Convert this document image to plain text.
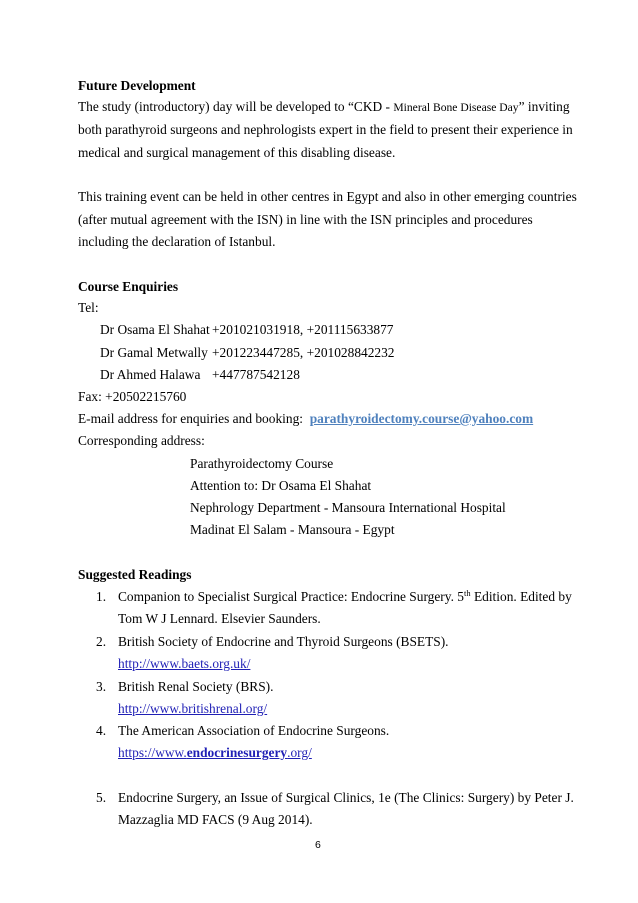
Future Development
The study (introductory) day will be developed to “CKD - Mineral Bone Disease Day” inviting
both parathyroid surgeons and nephrologists expert in the field to present their experience in
medical and surgical management of this disabling disease.
This training event can be held in other centres in Egypt and also in other emerging countries
(after mutual agreement with the ISN) in line with the ISN principles and procedures
including the declaration of Istanbul.
Course Enquiries
Tel:
Dr Osama El Shahat +201021031918, +201115633877
Dr Gamal Metwally +201223447285, +201028842232
Dr Ahmed Halawa +447787542128
Fax: +20502215760
E-mail address for enquiries and booking: parathyroidectomy.course@yahoo.com
Corresponding address:
Parathyroidectomy Course
Attention to: Dr Osama El Shahat
Nephrology Department - Mansoura International Hospital
Madinat El Salam - Mansoura - Egypt
Suggested Readings
1. Companion to Specialist Surgical Practice: Endocrine Surgery. 5th Edition. Edited by
Tom W J Lennard. Elsevier Saunders.
2. British Society of Endocrine and Thyroid Surgeons (BSETS).
http://www.baets.org.uk/
3. British Renal Society (BRS).
http://www.britishrenal.org/
4. The American Association of Endocrine Surgeons.
https://www.endocrinesurgery.org/
5. Endocrine Surgery, an Issue of Surgical Clinics, 1e (The Clinics: Surgery) by Peter J.
Mazzaglia MD FACS (9 Aug 2014).
6
